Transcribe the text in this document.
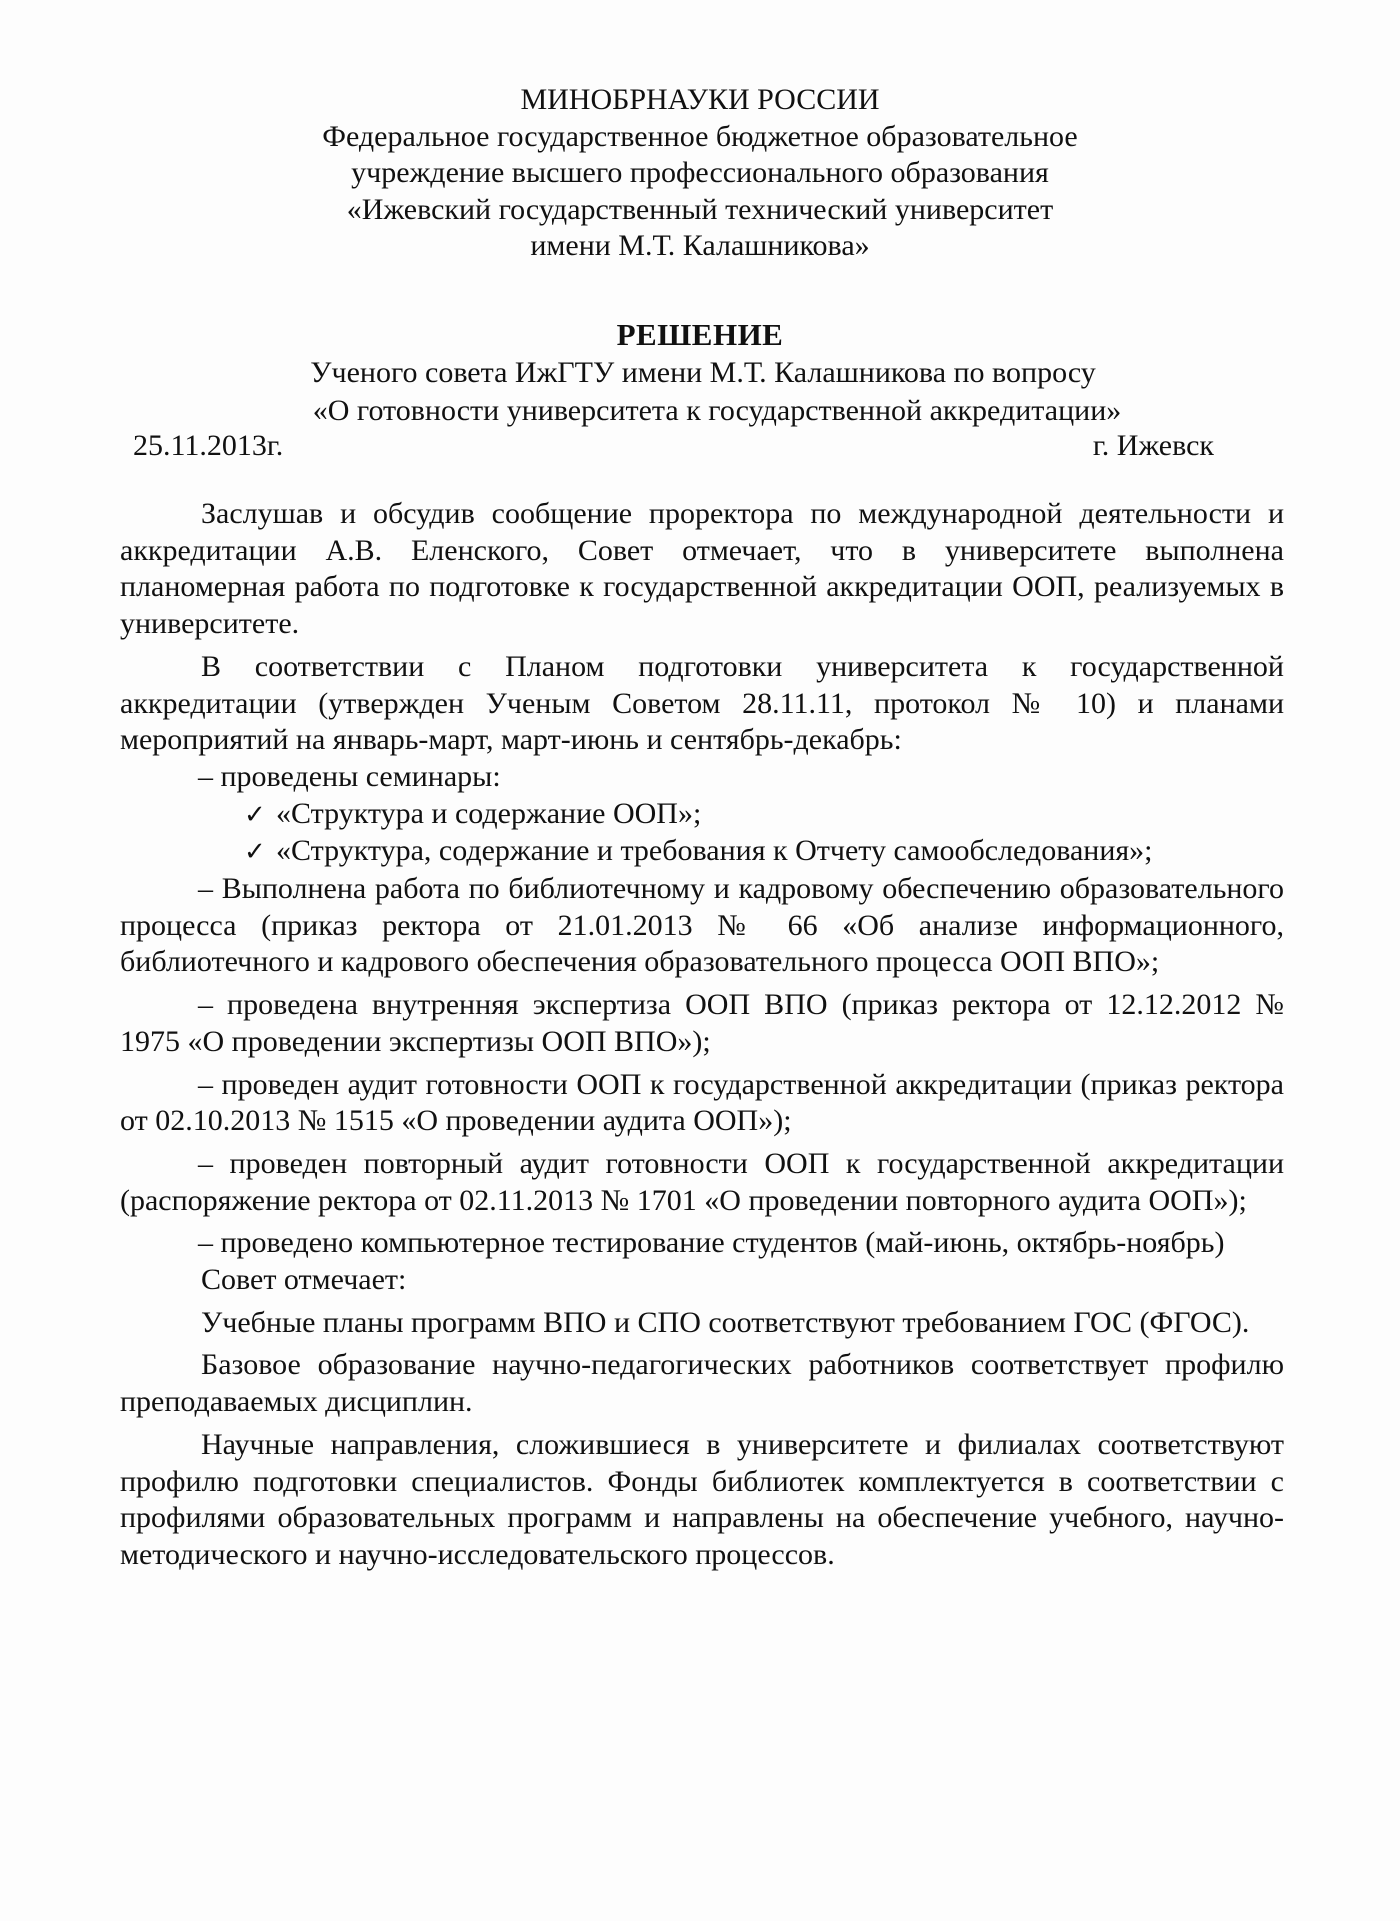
МИНОБРНАУКИ РОССИИ
Федеральное государственное бюджетное образовательное
учреждение высшего профессионального образования
«Ижевский государственный технический университет
имени М.Т. Калашникова»
РЕШЕНИЕ
Ученого совета ИжГТУ имени М.Т. Калашникова по вопросу
«О готовности университета к государственной аккредитации»
25.11.2013г.	г. Ижевск

Заслушав и обсудив сообщение проректора по международной деятельности и аккредитации А.В. Еленского, Совет отмечает, что в университете выполнена планомерная работа по подготовке к государственной аккредитации ООП, реализуемых в университете.

В соответствии с Планом подготовки университета к государственной аккредитации (утвержден Ученым Советом 28.11.11, протокол № 10) и планами мероприятий на январь-март, март-июнь и сентябрь-декабрь:

– проведены семинары:

✓ «Структура и содержание ООП»;

✓ «Структура, содержание и требования к Отчету самообследования»;

– Выполнена работа по библиотечному и кадровому обеспечению образовательного процесса (приказ ректора от 21.01.2013 № 66 «Об анализе информационного, библиотечного и кадрового обеспечения образовательного процесса ООП ВПО»;

– проведена внутренняя экспертиза ООП ВПО (приказ ректора от 12.12.2012 № 1975 «О проведении экспертизы ООП ВПО»);

– проведен аудит готовности ООП к государственной аккредитации (приказ ректора от 02.10.2013 № 1515 «О проведении аудита ООП»);

– проведен повторный аудит готовности ООП к государственной аккредитации (распоряжение ректора от 02.11.2013 № 1701 «О проведении повторного аудита ООП»);

– проведено компьютерное тестирование студентов (май-июнь, октябрь-ноябрь)

Совет отмечает:

Учебные планы программ ВПО и СПО соответствуют требованием ГОС (ФГОС).

Базовое образование научно-педагогических работников соответствует профилю преподаваемых дисциплин.

Научные направления, сложившиеся в университете и филиалах соответствуют профилю подготовки специалистов. Фонды библиотек комплектуется в соответствии с профилями образовательных программ и направлены на обеспечение учебного, научно-методического и научно-исследовательского процессов.
